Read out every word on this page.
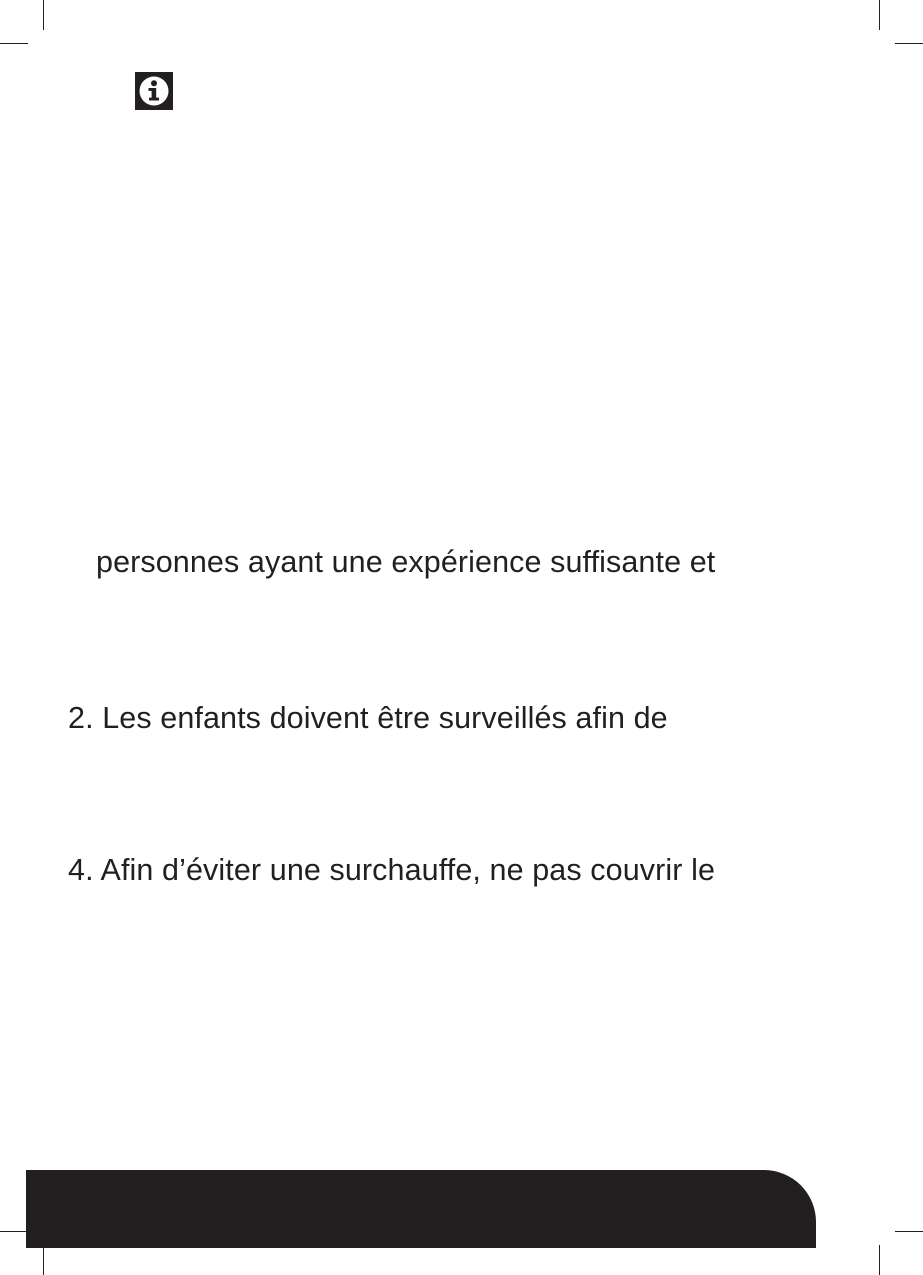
personnes ayant une expérience suffisante et

2. Les enfants doivent être surveillés afin de

4. Afin d’éviter une surchauffe, ne pas couvrir le
